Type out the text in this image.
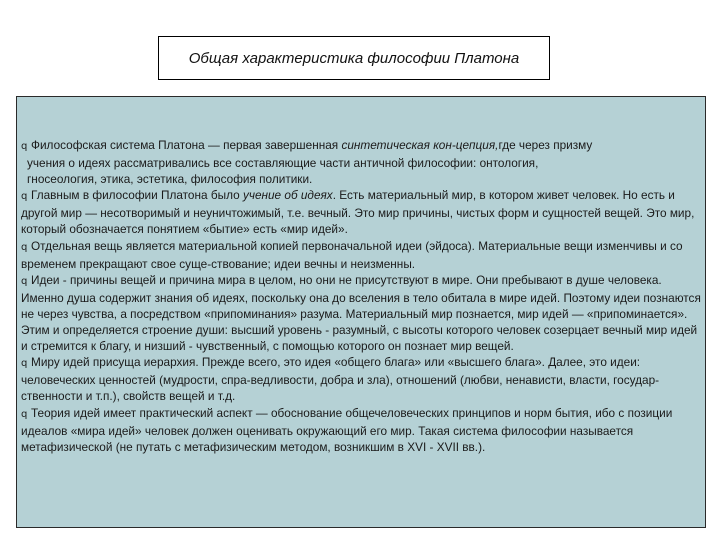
Общая характеристика философии Платона

q Философская система Платона — первая завершенная синтетическая кон-цепция,где через призму
учения о идеях рассматривались все составляющие части античной философии: онтология,
гносеология, этика, эстетика, философия политики.

q Главным в философии Платона было учение об идеях. Есть материальный мир, в котором живет человек. Но есть и другой мир — несотворимый и неуничтожимый, т.е. вечный. Это мир причины, чистых форм и сущностей вещей. Это мир, который обозначается понятием «бытие» есть «мир идей».

q Отдельная вещь является материальной копией первоначальной идеи (эйдоса). Материальные вещи изменчивы и со временем прекращают свое суще-ствование; идеи вечны и неизменны.

q Идеи - причины вещей и причина мира в целом, но они не присутствуют в мире. Они пребывают в душе человека. Именно душа содержит знания об идеях, поскольку она до вселения в тело обитала в мире идей. Поэтому идеи познаются не через чувства, а посредством «припоминания» разума. Материальный мир познается, мир идей — «припоминается». Этим и определяется строение души: высший уровень - разумный, с высоты которого человек созерцает вечный мир идей и стремится к благу, и низший - чувственный, с помощью которого он познает мир вещей.

q Миру идей присуща иерархия. Прежде всего, это идея «общего блага» или «высшего блага». Далее, это идеи: человеческих ценностей (мудрости, спра-ведливости, добра и зла), отношений (любви, ненависти, власти, государ-ственности и т.п.), свойств вещей и т.д.

q Теория идей имеет практический аспект — обоснование общечеловеческих принципов и норм бытия, ибо с позиции идеалов «мира идей» человек должен оценивать окружающий его мир. Такая система философии называется метафизической (не путать с метафизическим методом, возникшим в XVI - XVII вв.).
